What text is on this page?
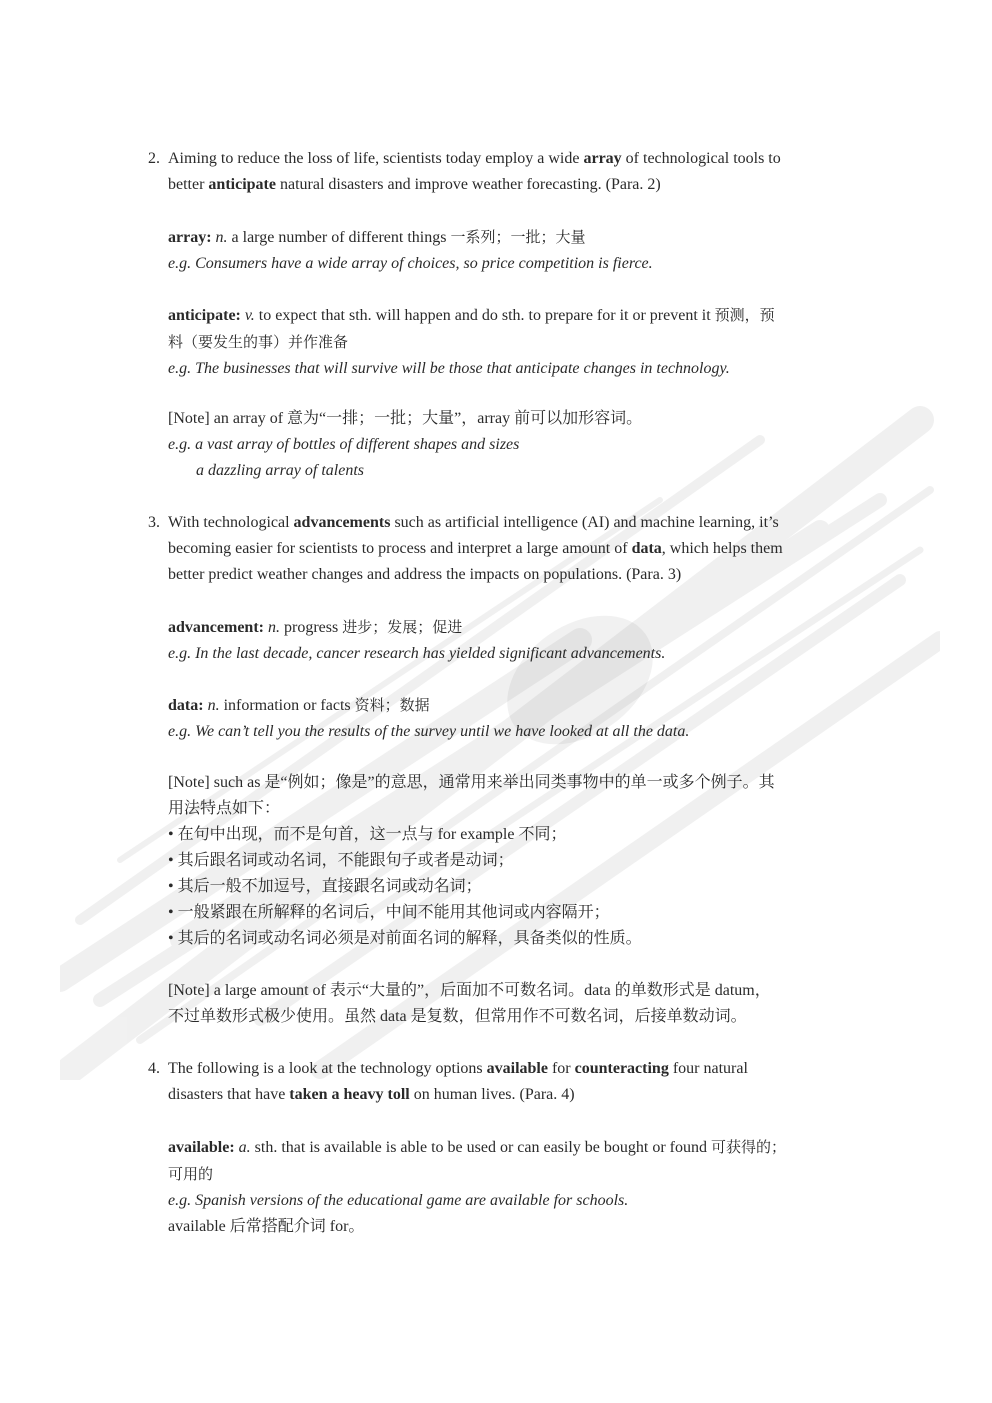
2. Aiming to reduce the loss of life, scientists today employ a wide array of technological tools to
better anticipate natural disasters and improve weather forecasting. (Para. 2)
array: n. a large number of different things 一系列；一批；大量
e.g. Consumers have a wide array of choices, so price competition is fierce.
anticipate: v. to expect that sth. will happen and do sth. to prepare for it or prevent it 预测，预
料（要发生的事）并作准备
e.g. The businesses that will survive will be those that anticipate changes in technology.
[Note] an array of 意为“一排；一批；大量”，array 前可以加形容词。
e.g. a vast array of bottles of different shapes and sizes
a dazzling array of talents
3. With technological advancements such as artificial intelligence (AI) and machine learning, it’s
becoming easier for scientists to process and interpret a large amount of data, which helps them
better predict weather changes and address the impacts on populations. (Para. 3)
advancement: n. progress 进步；发展；促进
e.g. In the last decade, cancer research has yielded significant advancements.
data: n. information or facts 资料；数据
e.g. We can’t tell you the results of the survey until we have looked at all the data.
[Note] such as 是“例如；像是”的意思，通常用来举出同类事物中的单一或多个例子。其
用法特点如下：
• 在句中出现，而不是句首，这一点与 for example 不同；
• 其后跟名词或动名词，不能跟句子或者是动词；
• 其后一般不加逗号，直接跟名词或动名词；
• 一般紧跟在所解释的名词后，中间不能用其他词或内容隔开；
• 其后的名词或动名词必须是对前面名词的解释，具备类似的性质。
[Note] a large amount of 表示“大量的”，后面加不可数名词。data 的单数形式是 datum，
不过单数形式极少使用。虽然 data 是复数，但常用作不可数名词，后接单数动词。
4. The following is a look at the technology options available for counteracting four natural
disasters that have taken a heavy toll on human lives. (Para. 4)
available: a. sth. that is available is able to be used or can easily be bought or found 可获得的；
可用的
e.g. Spanish versions of the educational game are available for schools.
available 后常搭配介词 for。
